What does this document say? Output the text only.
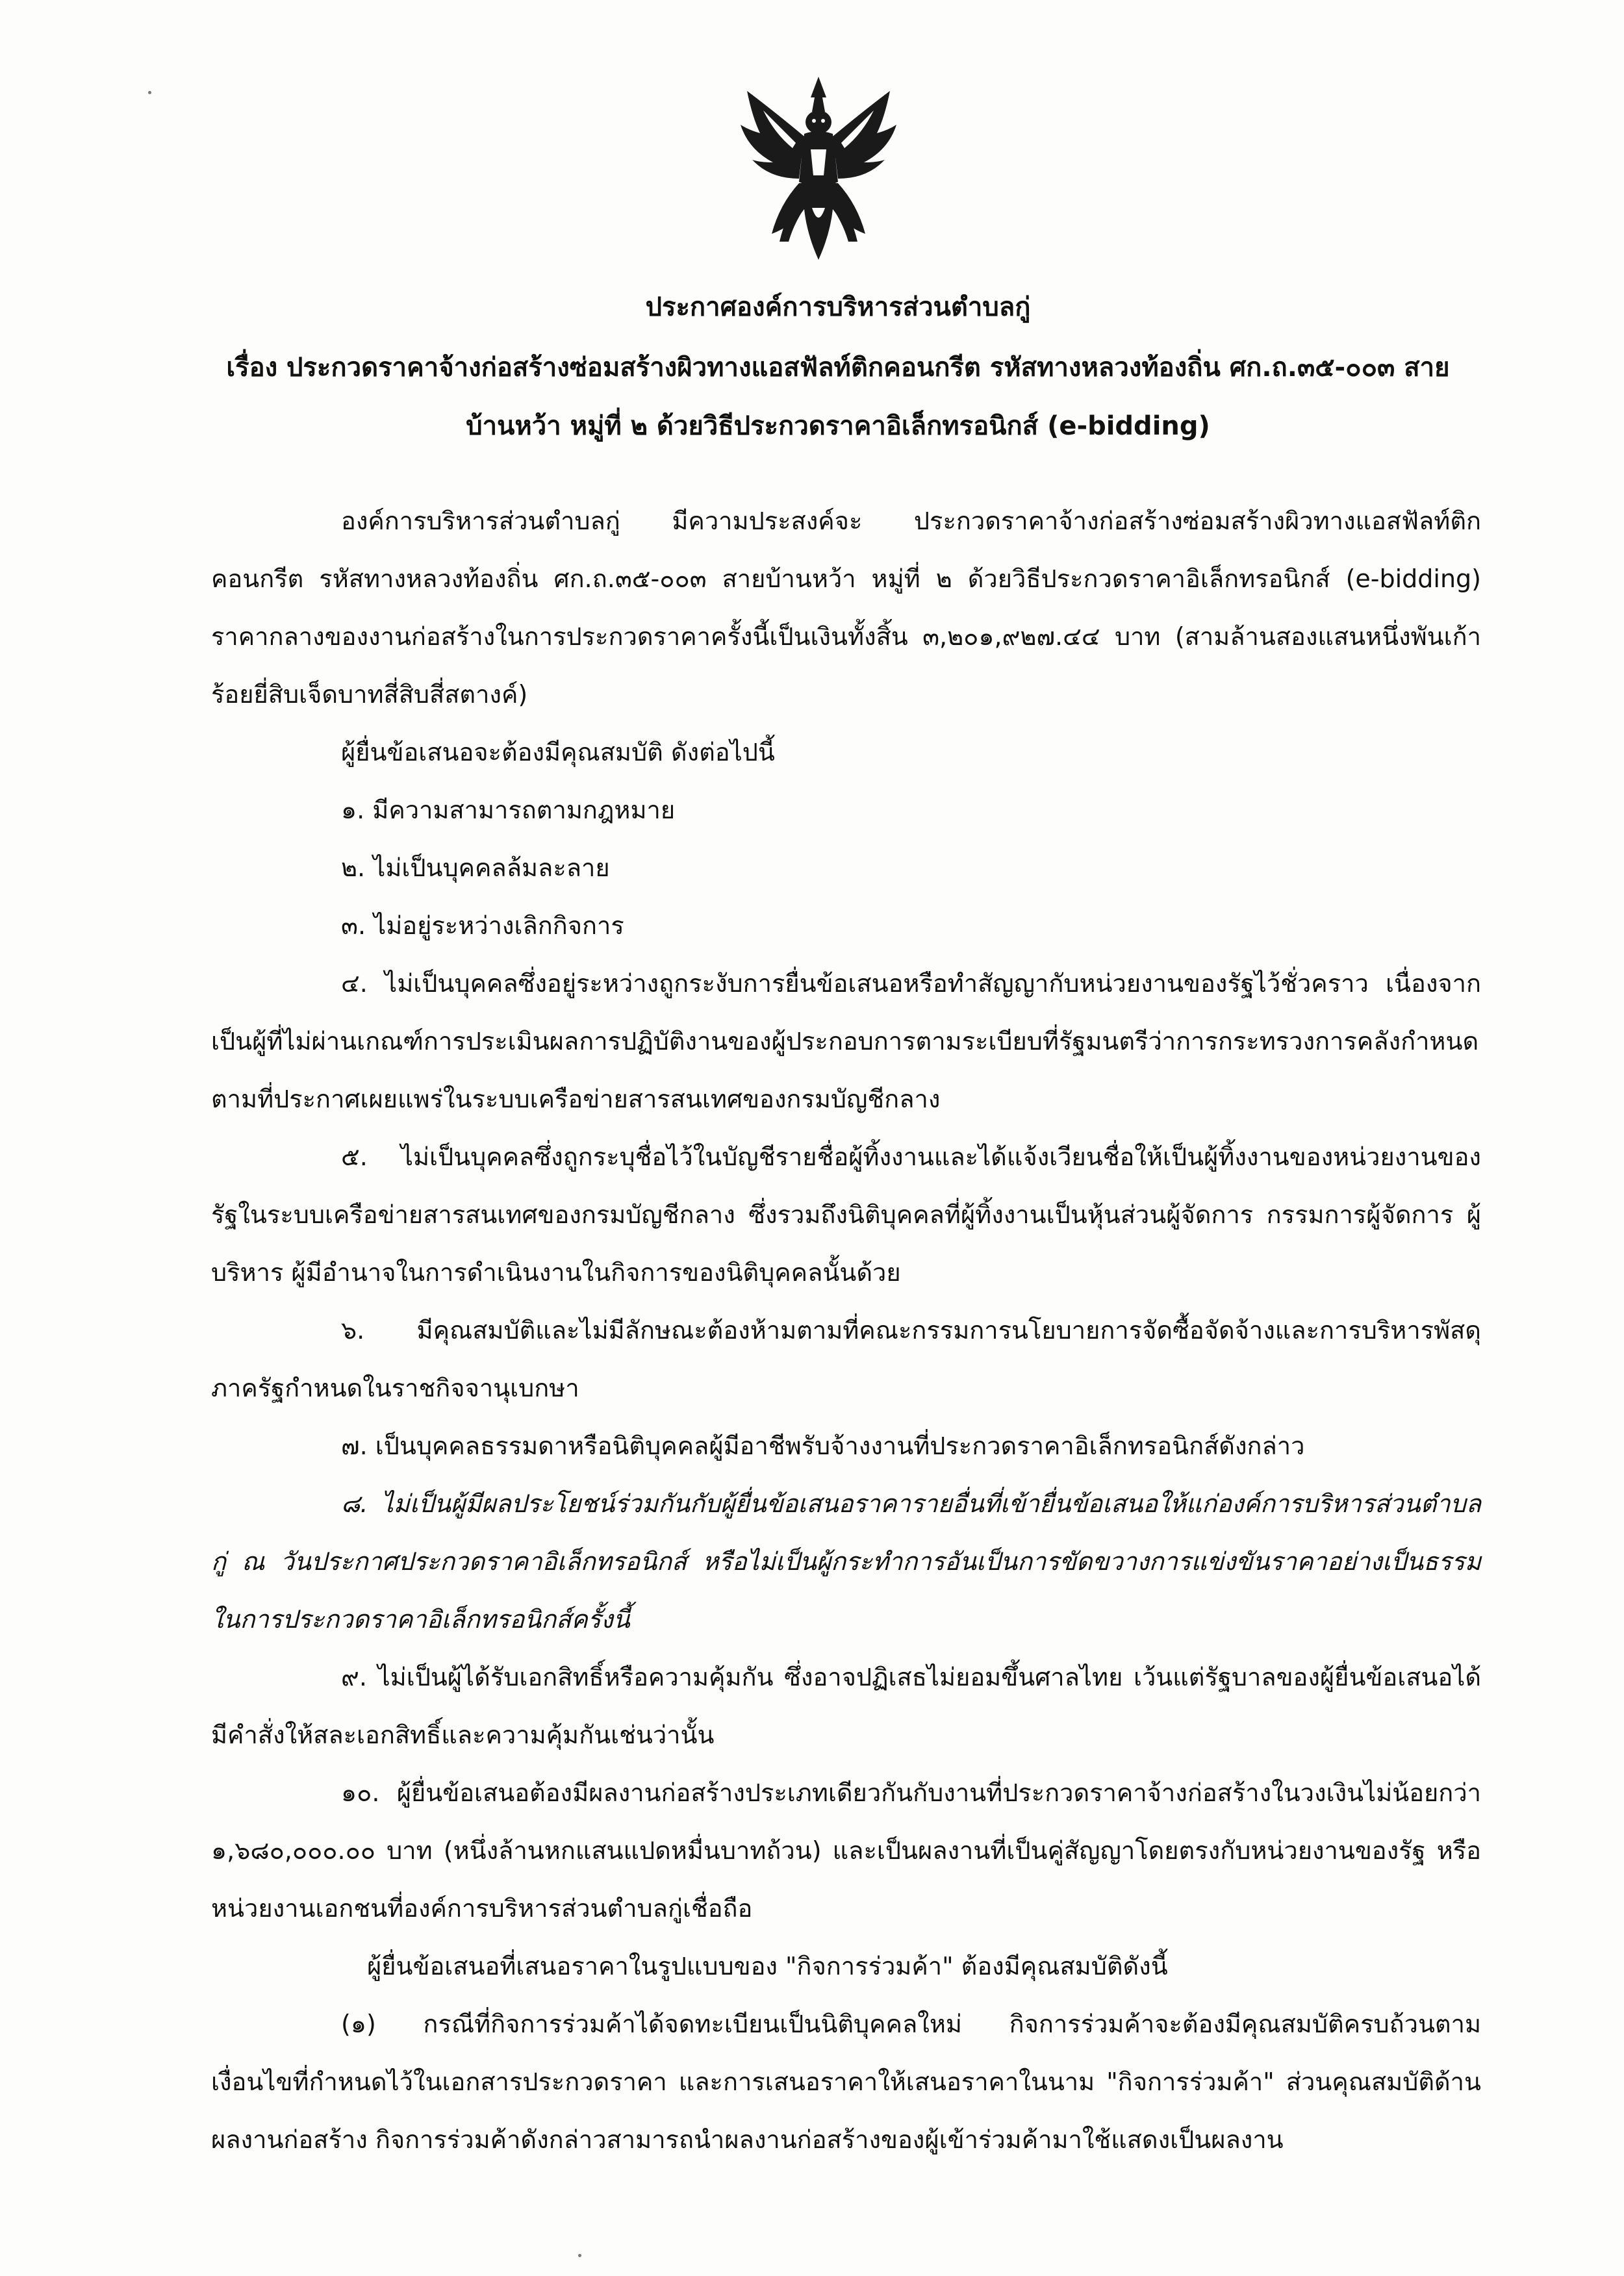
ประกาศองค์การบริหารส่วนตำบลกู่
เรื่อง ประกวดราคาจ้างก่อสร้างซ่อมสร้างผิวทางแอสฟัลท์ติกคอนกรีต รหัสทางหลวงท้องถิ่น ศก.ถ.๓๕-๐๐๓ สาย
บ้านหว้า หมู่ที่ ๒ ด้วยวิธีประกวดราคาอิเล็กทรอนิกส์ (e-bidding)

องค์การบริหารส่วนตำบลกู่ มีความประสงค์จะ ประกวดราคาจ้างก่อสร้างซ่อมสร้างผิวทางแอสฟัลท์ติกคอนกรีต รหัสทางหลวงท้องถิ่น ศก.ถ.๓๕-๐๐๓ สายบ้านหว้า หมู่ที่ ๒ ด้วยวิธีประกวดราคาอิเล็กทรอนิกส์ (e-bidding) ราคากลางของงานก่อสร้างในการประกวดราคาครั้งนี้เป็นเงินทั้งสิ้น ๓,๒๐๑,๙๒๗.๔๔ บาท (สามล้านสองแสนหนึ่งพันเก้าร้อยยี่สิบเจ็ดบาทสี่สิบสี่สตางค์)

ผู้ยื่นข้อเสนอจะต้องมีคุณสมบัติ ดังต่อไปนี้

๑. มีความสามารถตามกฎหมาย

๒. ไม่เป็นบุคคลล้มละลาย

๓. ไม่อยู่ระหว่างเลิกกิจการ

๔. ไม่เป็นบุคคลซึ่งอยู่ระหว่างถูกระงับการยื่นข้อเสนอหรือทำสัญญากับหน่วยงานของรัฐไว้ชั่วคราว เนื่องจากเป็นผู้ที่ไม่ผ่านเกณฑ์การประเมินผลการปฏิบัติงานของผู้ประกอบการตามระเบียบที่รัฐมนตรีว่าการกระทรวงการคลังกำหนดตามที่ประกาศเผยแพร่ในระบบเครือข่ายสารสนเทศของกรมบัญชีกลาง

๕. ไม่เป็นบุคคลซึ่งถูกระบุชื่อไว้ในบัญชีรายชื่อผู้ทิ้งงานและได้แจ้งเวียนชื่อให้เป็นผู้ทิ้งงานของหน่วยงานของรัฐในระบบเครือข่ายสารสนเทศของกรมบัญชีกลาง ซึ่งรวมถึงนิติบุคคลที่ผู้ทิ้งงานเป็นหุ้นส่วนผู้จัดการ กรรมการผู้จัดการ ผู้บริหาร ผู้มีอำนาจในการดำเนินงานในกิจการของนิติบุคคลนั้นด้วย

๖. มีคุณสมบัติและไม่มีลักษณะต้องห้ามตามที่คณะกรรมการนโยบายการจัดซื้อจัดจ้างและการบริหารพัสดุภาครัฐกำหนดในราชกิจจานุเบกษา

๗. เป็นบุคคลธรรมดาหรือนิติบุคคลผู้มีอาชีพรับจ้างงานที่ประกวดราคาอิเล็กทรอนิกส์ดังกล่าว

๘. ไม่เป็นผู้มีผลประโยชน์ร่วมกันกับผู้ยื่นข้อเสนอราคารายอื่นที่เข้ายื่นข้อเสนอให้แก่องค์การบริหารส่วนตำบลกู่ ณ วันประกาศประกวดราคาอิเล็กทรอนิกส์ หรือไม่เป็นผู้กระทำการอันเป็นการขัดขวางการแข่งขันราคาอย่างเป็นธรรม ในการประกวดราคาอิเล็กทรอนิกส์ครั้งนี้

๙. ไม่เป็นผู้ได้รับเอกสิทธิ์หรือความคุ้มกัน ซึ่งอาจปฏิเสธไม่ยอมขึ้นศาลไทย เว้นแต่รัฐบาลของผู้ยื่นข้อเสนอได้มีคำสั่งให้สละเอกสิทธิ์และความคุ้มกันเช่นว่านั้น

๑๐. ผู้ยื่นข้อเสนอต้องมีผลงานก่อสร้างประเภทเดียวกันกับงานที่ประกวดราคาจ้างก่อสร้างในวงเงินไม่น้อยกว่า ๑,๖๘๐,๐๐๐.๐๐ บาท (หนึ่งล้านหกแสนแปดหมื่นบาทถ้วน) และเป็นผลงานที่เป็นคู่สัญญาโดยตรงกับหน่วยงานของรัฐ หรือหน่วยงานเอกชนที่องค์การบริหารส่วนตำบลกู่เชื่อถือ

ผู้ยื่นข้อเสนอที่เสนอราคาในรูปแบบของ "กิจการร่วมค้า" ต้องมีคุณสมบัติดังนี้

(๑) กรณีที่กิจการร่วมค้าได้จดทะเบียนเป็นนิติบุคคลใหม่ กิจการร่วมค้าจะต้องมีคุณสมบัติครบถ้วนตามเงื่อนไขที่กำหนดไว้ในเอกสารประกวดราคา และการเสนอราคาให้เสนอราคาในนาม "กิจการร่วมค้า" ส่วนคุณสมบัติด้านผลงานก่อสร้าง กิจการร่วมค้าดังกล่าวสามารถนำผลงานก่อสร้างของผู้เข้าร่วมค้ามาใช้แสดงเป็นผลงาน
